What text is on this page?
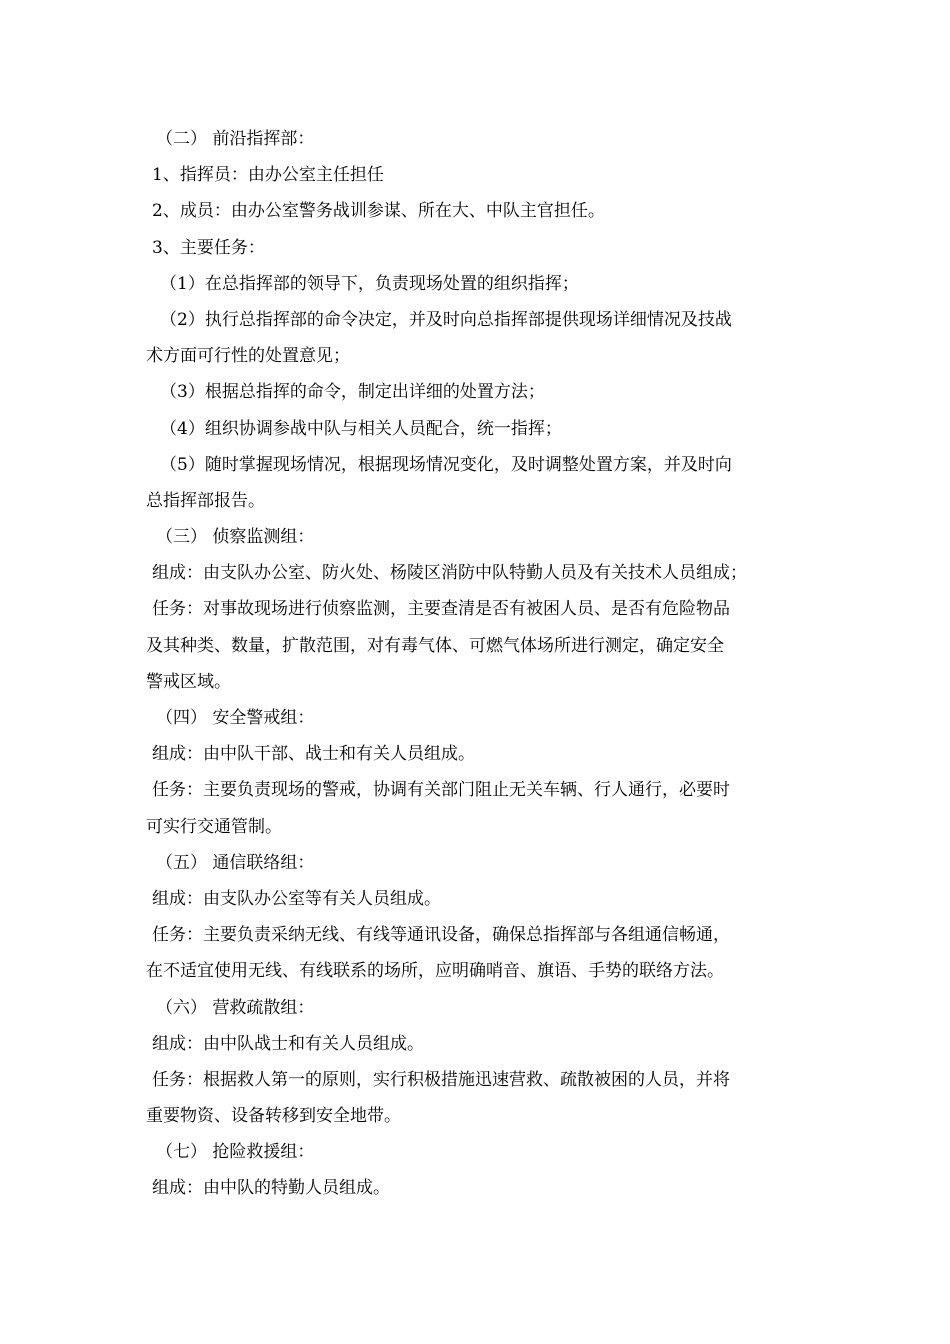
（二） 前沿指挥部：
1、指挥员：由办公室主任担任
2、成员：由办公室警务战训参谋、所在大、中队主官担任。
3、主要任务：
（1）在总指挥部的领导下，负责现场处置的组织指挥；
（2）执行总指挥部的命令决定，并及时向总指挥部提供现场详细情况及技战
术方面可行性的处置意见；
（3）根据总指挥的命令，制定出详细的处置方法；
（4）组织协调参战中队与相关人员配合，统一指挥；
（5）随时掌握现场情况，根据现场情况变化，及时调整处置方案，并及时向
总指挥部报告。
（三） 侦察监测组：
组成：由支队办公室、防火处、杨陵区消防中队特勤人员及有关技术人员组成；
任务：对事故现场进行侦察监测，主要查清是否有被困人员、是否有危险物品
及其种类、数量，扩散范围，对有毒气体、可燃气体场所进行测定，确定安全
警戒区域。
（四） 安全警戒组：
组成：由中队干部、战士和有关人员组成。
任务：主要负责现场的警戒，协调有关部门阻止无关车辆、行人通行，必要时
可实行交通管制。
（五） 通信联络组：
组成：由支队办公室等有关人员组成。
任务：主要负责采纳无线、有线等通讯设备，确保总指挥部与各组通信畅通，
在不适宜使用无线、有线联系的场所，应明确哨音、旗语、手势的联络方法。
（六） 营救疏散组：
组成：由中队战士和有关人员组成。
任务：根据救人第一的原则，实行积极措施迅速营救、疏散被困的人员，并将
重要物资、设备转移到安全地带。
（七） 抢险救援组：
组成：由中队的特勤人员组成。
